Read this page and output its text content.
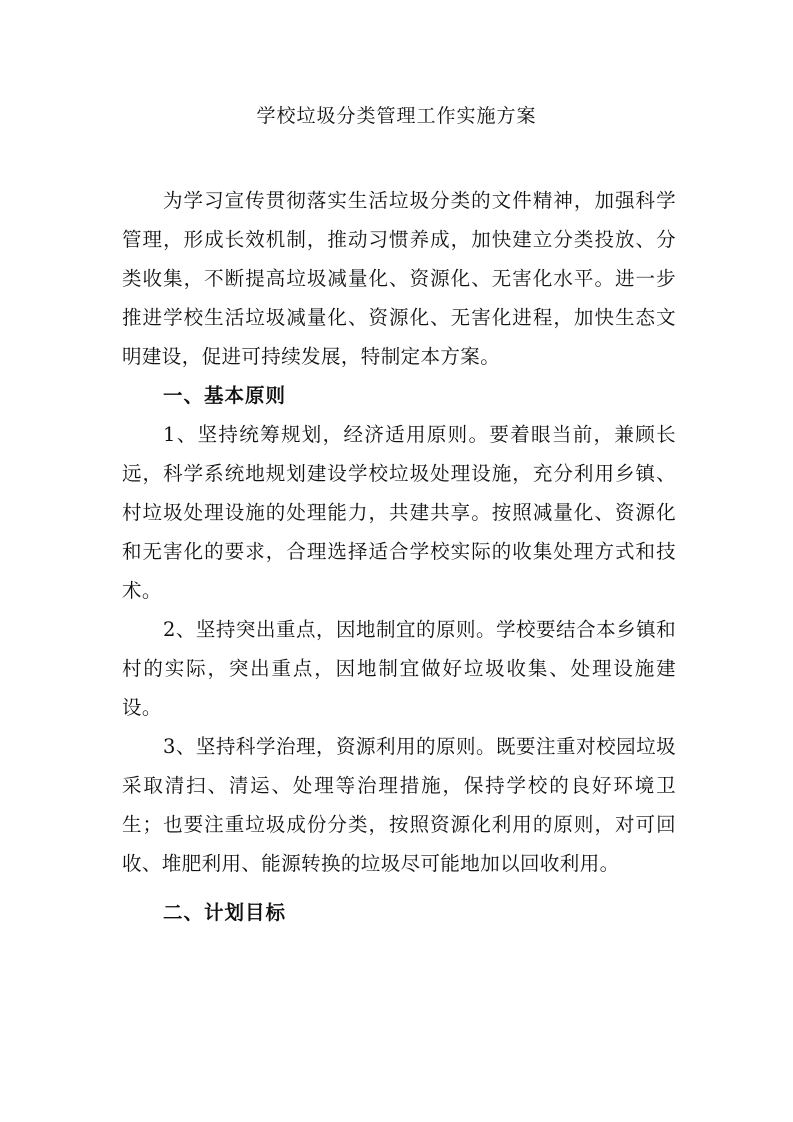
学校垃圾分类管理工作实施方案

为学习宣传贯彻落实生活垃圾分类的文件精神，加强科学管理，形成长效机制，推动习惯养成，加快建立分类投放、分类收集，不断提高垃圾减量化、资源化、无害化水平。进一步推进学校生活垃圾减量化、资源化、无害化进程，加快生态文明建设，促进可持续发展，特制定本方案。

一、基本原则

1、坚持统筹规划，经济适用原则。要着眼当前，兼顾长远，科学系统地规划建设学校垃圾处理设施，充分利用乡镇、村垃圾处理设施的处理能力，共建共享。按照减量化、资源化和无害化的要求，合理选择适合学校实际的收集处理方式和技术。

2、坚持突出重点，因地制宜的原则。学校要结合本乡镇和村的实际，突出重点，因地制宜做好垃圾收集、处理设施建设。

3、坚持科学治理，资源利用的原则。既要注重对校园垃圾采取清扫、清运、处理等治理措施，保持学校的良好环境卫生；也要注重垃圾成份分类，按照资源化利用的原则，对可回收、堆肥利用、能源转换的垃圾尽可能地加以回收利用。

二、计划目标
